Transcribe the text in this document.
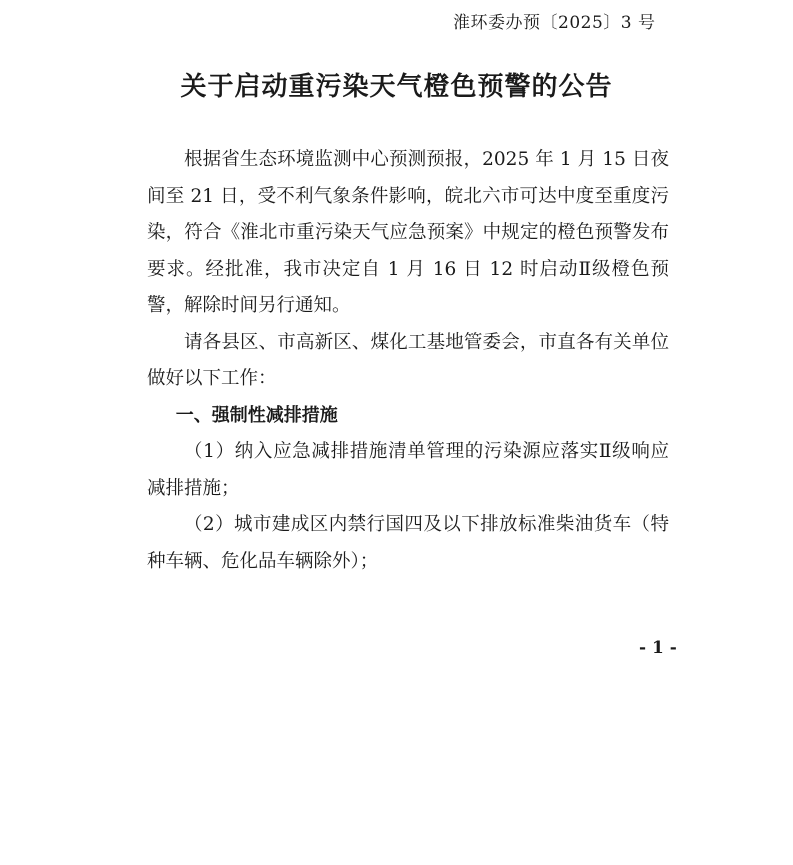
淮环委办预〔2025〕3 号
关于启动重污染天气橙色预警的公告

根据省生态环境监测中心预测预报，2025 年 1 月 15 日夜间至 21 日，受不利气象条件影响，皖北六市可达中度至重度污染，符合《淮北市重污染天气应急预案》中规定的橙色预警发布要求。经批准，我市决定自 1 月 16 日 12 时启动Ⅱ级橙色预警，解除时间另行通知。

请各县区、市高新区、煤化工基地管委会，市直各有关单位做好以下工作：

一、强制性减排措施

（1）纳入应急减排措施清单管理的污染源应落实Ⅱ级响应减排措施；

（2）城市建成区内禁行国四及以下排放标准柴油货车（特种车辆、危化品车辆除外）；

- 1 -
